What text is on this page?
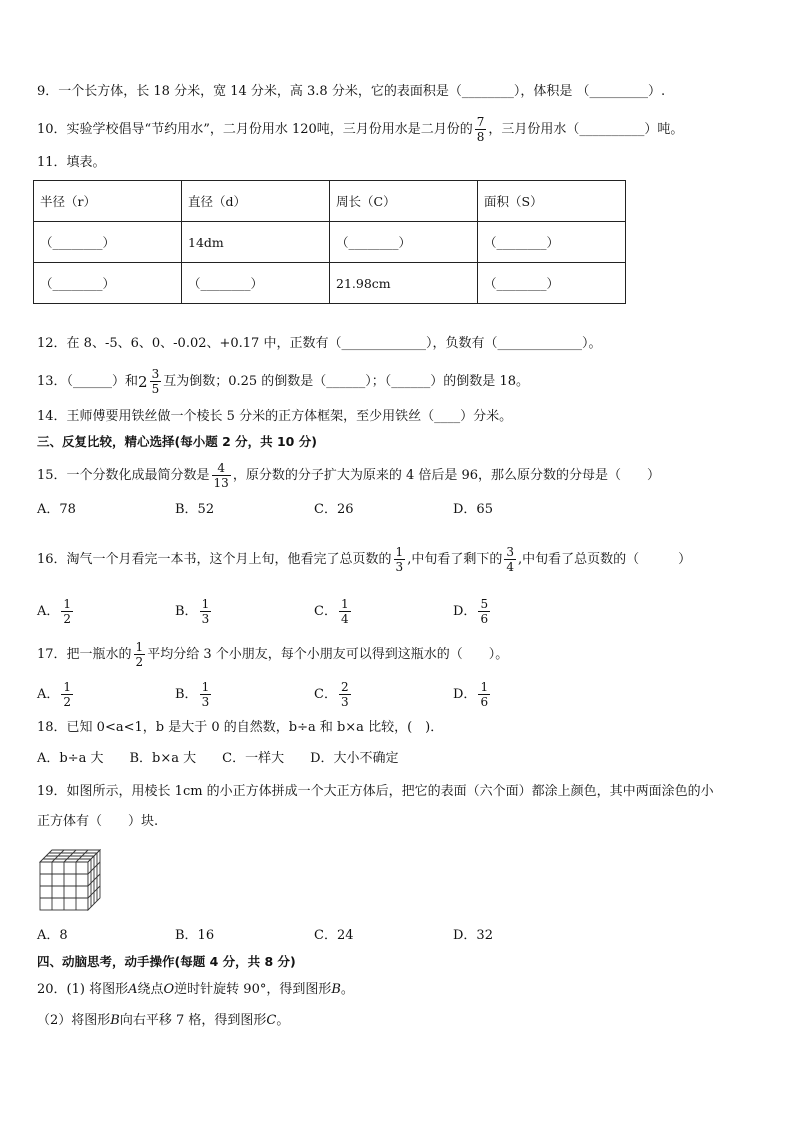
9．一个长方体，长 18 分米，宽 14 分米，高 3.8 分米，它的表面积是（________），体积是 （_________）.
10．实验学校倡导“节约用水”，二月份用水 120吨，三月份用水是二月份的 $\frac{7}{8}$ ，三月份用水（__________）吨。
11．填表。
半径（r）	直径（d）	周长（C）	面积（S）
（________）	14dm	（________）	（________）
（________）	（________）	21.98cm	（________）
12．在 8、-5、6、0、-0.02、+0.17 中，正数有（_____________），负数有（_____________）。
13．（______）和 $2 \frac{3}{5}$ 互为倒数；0.25 的倒数是（______）；（______）的倒数是 18。
14．王师傅要用铁丝做一个棱长 5 分米的正方体框架，至少用铁丝（____）分米。
三、反复比较，精心选择(每小题 2 分，共 10 分)
15．一个分数化成最简分数是 $\frac{4}{13}$ ，原分数的分子扩大为原来的 4 倍后是 96，那么原分数的分母是（　　）
A．78	B．52	C．26	D．65
16．淘气一个月看完一本书，这个月上旬，他看完了总页数的 $\frac{1}{3}$ ,中旬看了剩下的 $\frac{3}{4}$ ,中旬看了总页数的（　　　）
A． $\frac{1}{2}$	B． $\frac{1}{3}$	C． $\frac{1}{4}$	D． $\frac{5}{6}$
17．把一瓶水的 $\frac{1}{2}$ 平均分给 3 个小朋友，每个小朋友可以得到这瓶水的（　　）。
A． $\frac{1}{2}$	B． $\frac{1}{3}$	C． $\frac{2}{3}$	D． $\frac{1}{6}$
18．已知 0<a<1，b 是大于 0 的自然数，b÷a 和 b×a 比较，(　)．
A．b÷a 大　　B．b×a 大　　C．一样大　　D．大小不确定
19．如图所示，用棱长 1cm 的小正方体拼成一个大正方体后，把它的表面（六个面）都涂上颜色，其中两面涂色的小
正方体有（　　）块.
A．8	B．16	C．24	D．32
四、动脑思考，动手操作(每题 4 分，共 8 分)
20．(1) 将图形A绕点O逆时针旋转 90°，得到图形B。
（2）将图形B向右平移 7 格，得到图形C。
